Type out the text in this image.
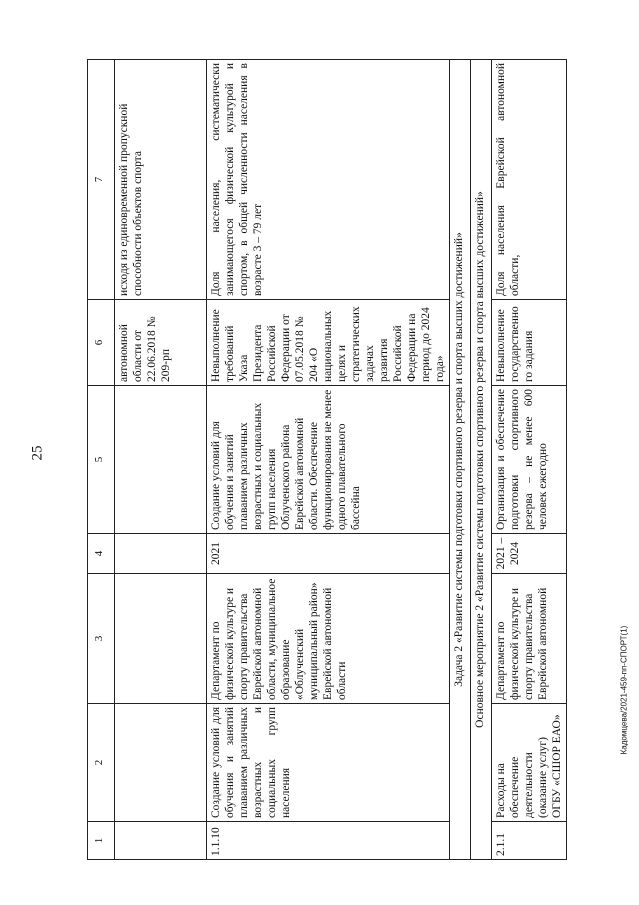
25
Кадомцева/2021-459-пп-СПОРТ(1)
1	2	3	4	5	6	7
					автономной области от 22.06.2018 № 209-рп	исходя из единовременной пропускной способности объектов спорта
1.1.10	Создание условий для обучения и занятий плаванием различных возрастных и социальных групп населения	Департамент по физической культуре и спорту правительства Еврейской автономной области, муниципальное образование «Облученский муниципальный район» Еврейской автономной области	2021	Создание условий для обучения и занятий плаванием различных возрастных и социальных групп населения Облученского района Еврейской автономной области. Обеспечение функционирования не менее одного плавательного бассейна	Невыполнение требований Указа Президента Российской Федерации от 07.05.2018 № 204 «О национальных целях и стратегических задачах развития Российской Федерации на период до 2024 года»	Доля населения, систематически занимающегося физической культурой и спортом, в общей численности населения в возрасте 3 – 79 лет
Задача 2 «Развитие системы подготовки спортивного резерва и спорта высших достижений»						
Основное мероприятие 2 «Развитие системы подготовки спортивного резерва и спорта высших достижений»						
2.1.1	Расходы на обеспечение деятельности (оказание услуг) ОГБУ «СШОР ЕАО»	Департамент по физической культуре и спорту правительства Еврейской автономной	2021 – 2024	Организация и обеспечение подготовки спортивного резерва – не менее 600 человек ежегодно	Невыполнение государственного задания	Доля населения Еврейской автономной области,
